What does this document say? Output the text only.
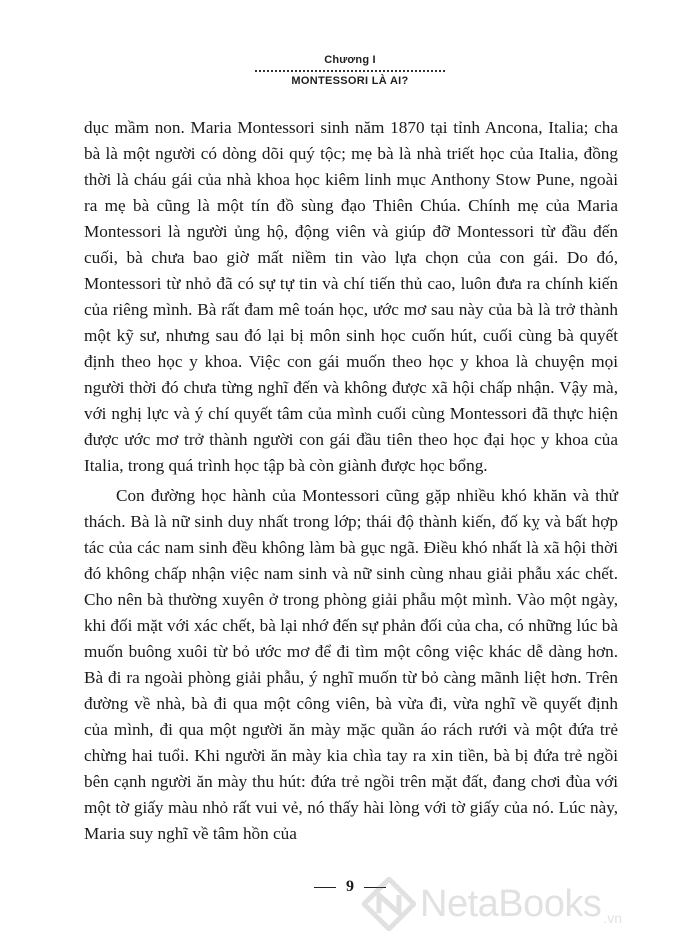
Chương I
MONTESSORI LÀ AI?

dục mầm non. Maria Montessori sinh năm 1870 tại tỉnh Ancona, Italia; cha bà là một người có dòng dõi quý tộc; mẹ bà là nhà triết học của Italia, đồng thời là cháu gái của nhà khoa học kiêm linh mục Anthony Stow Pune, ngoài ra mẹ bà cũng là một tín đồ sùng đạo Thiên Chúa. Chính mẹ của Maria Montessori là người ủng hộ, động viên và giúp đỡ Montessori từ đầu đến cuối, bà chưa bao giờ mất niềm tin vào lựa chọn của con gái. Do đó, Montessori từ nhỏ đã có sự tự tin và chí tiến thủ cao, luôn đưa ra chính kiến của riêng mình. Bà rất đam mê toán học, ước mơ sau này của bà là trở thành một kỹ sư, nhưng sau đó lại bị môn sinh học cuốn hút, cuối cùng bà quyết định theo học y khoa. Việc con gái muốn theo học y khoa là chuyện mọi người thời đó chưa từng nghĩ đến và không được xã hội chấp nhận. Vậy mà, với nghị lực và ý chí quyết tâm của mình cuối cùng Montessori đã thực hiện được ước mơ trở thành người con gái đầu tiên theo học đại học y khoa của Italia, trong quá trình học tập bà còn giành được học bổng.

Con đường học hành của Montessori cũng gặp nhiều khó khăn và thử thách. Bà là nữ sinh duy nhất trong lớp; thái độ thành kiến, đố kỵ và bất hợp tác của các nam sinh đều không làm bà gục ngã. Điều khó nhất là xã hội thời đó không chấp nhận việc nam sinh và nữ sinh cùng nhau giải phẫu xác chết. Cho nên bà thường xuyên ở trong phòng giải phẫu một mình. Vào một ngày, khi đối mặt với xác chết, bà lại nhớ đến sự phản đối của cha, có những lúc bà muốn buông xuôi từ bỏ ước mơ để đi tìm một công việc khác dễ dàng hơn. Bà đi ra ngoài phòng giải phẫu, ý nghĩ muốn từ bỏ càng mãnh liệt hơn. Trên đường về nhà, bà đi qua một công viên, bà vừa đi, vừa nghĩ về quyết định của mình, đi qua một người ăn mày mặc quần áo rách rưới và một đứa trẻ chừng hai tuổi. Khi người ăn mày kia chìa tay ra xin tiền, bà bị đứa trẻ ngồi bên cạnh người ăn mày thu hút: đứa trẻ ngồi trên mặt đất, đang chơi đùa với một tờ giấy màu nhỏ rất vui vẻ, nó thấy hài lòng với tờ giấy của nó. Lúc này, Maria suy nghĩ về tâm hồn của

9	NetaBooks .vn
